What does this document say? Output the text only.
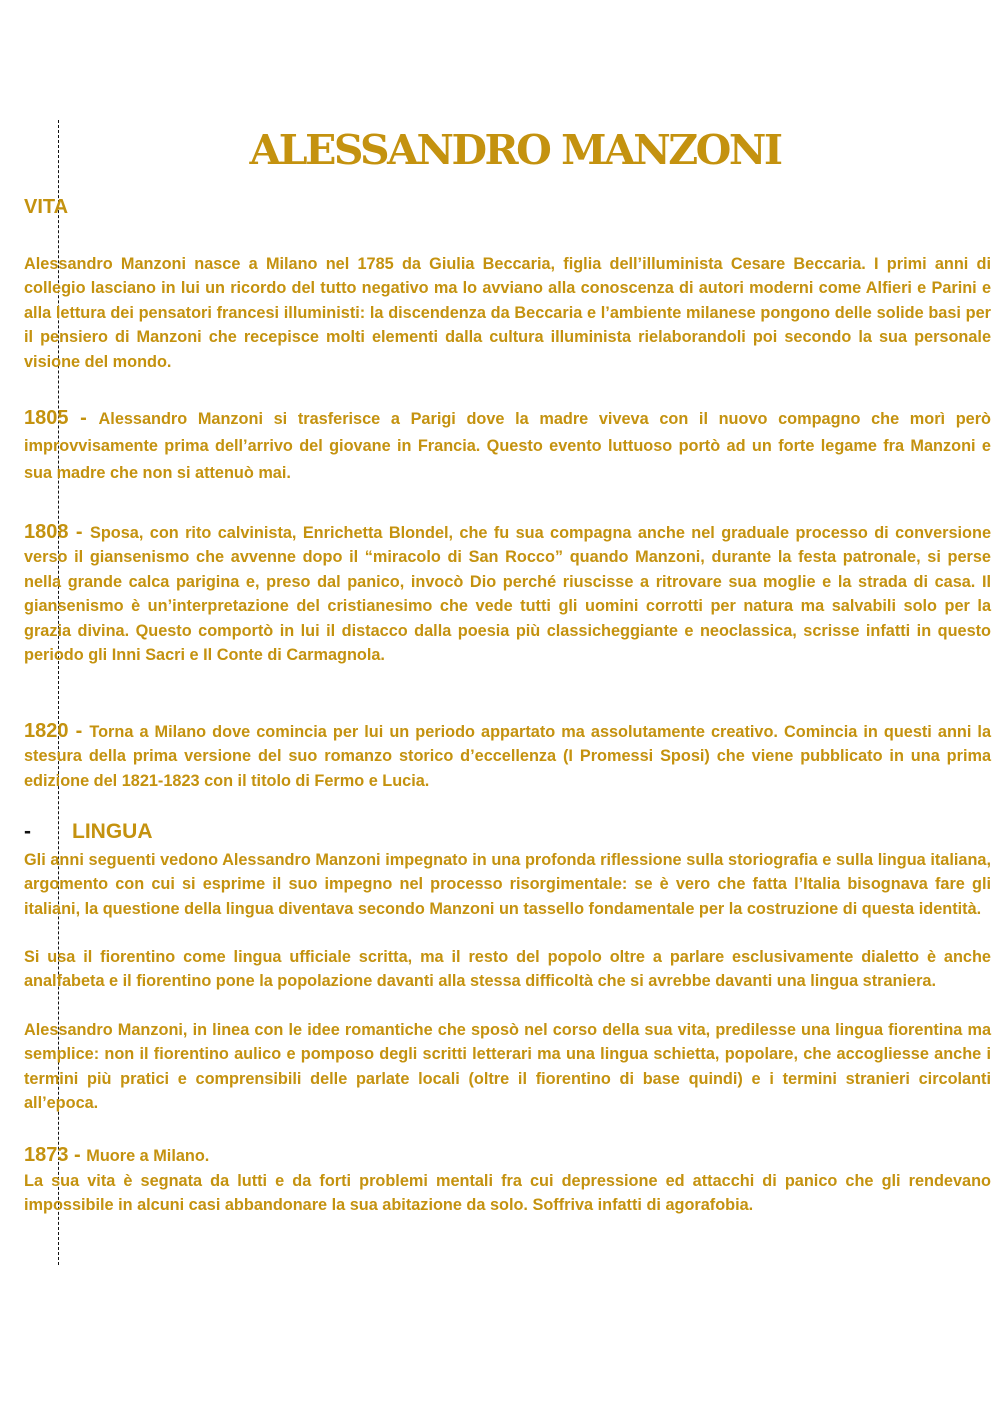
ALESSANDRO MANZONI
VITA

Alessandro Manzoni nasce a Milano nel 1785 da Giulia Beccaria, figlia dell’illuminista Cesare Beccaria. I primi anni di collegio lasciano in lui un ricordo del tutto negativo ma lo avviano alla conoscenza di autori moderni come Alfieri e Parini e alla lettura dei pensatori francesi illuministi: la discendenza da Beccaria e l’ambiente milanese pongono delle solide basi per il pensiero di Manzoni che recepisce molti elementi dalla cultura illuminista rielaborandoli poi secondo la sua personale visione del mondo.

1805 - Alessandro Manzoni si trasferisce a Parigi dove la madre viveva con il nuovo compagno che morì però improvvisamente prima dell’arrivo del giovane in Francia. Questo evento luttuoso portò ad un forte legame fra Manzoni e sua madre che non si attenuò mai.

1808 - Sposa, con rito calvinista, Enrichetta Blondel, che fu sua compagna anche nel graduale processo di conversione verso il giansenismo che avvenne dopo il “miracolo di San Rocco” quando Manzoni, durante la festa patronale, si perse nella grande calca parigina e, preso dal panico, invocò Dio perché riuscisse a ritrovare sua moglie e la strada di casa. Il giansenismo è un’interpretazione del cristianesimo che vede tutti gli uomini corrotti per natura ma salvabili solo per la grazia divina. Questo comportò in lui il distacco dalla poesia più classicheggiante e neoclassica, scrisse infatti in questo periodo gli Inni Sacri e Il Conte di Carmagnola.

1820 - Torna a Milano dove comincia per lui un periodo appartato ma assolutamente creativo. Comincia in questi anni la stesura della prima versione del suo romanzo storico d’eccellenza (I Promessi Sposi) che viene pubblicato in una prima edizione del 1821-1823 con il titolo di Fermo e Lucia.

- LINGUA

Gli anni seguenti vedono Alessandro Manzoni impegnato in una profonda riflessione sulla storiografia e sulla lingua italiana, argomento con cui si esprime il suo impegno nel processo risorgimentale: se è vero che fatta l’Italia bisognava fare gli italiani, la questione della lingua diventava secondo Manzoni un tassello fondamentale per la costruzione di questa identità.

Si usa il fiorentino come lingua ufficiale scritta, ma il resto del popolo oltre a parlare esclusivamente dialetto è anche analfabeta e il fiorentino pone la popolazione davanti alla stessa difficoltà che si avrebbe davanti una lingua straniera.

Alessandro Manzoni, in linea con le idee romantiche che sposò nel corso della sua vita, predilesse una lingua fiorentina ma semplice: non il fiorentino aulico e pomposo degli scritti letterari ma una lingua schietta, popolare, che accogliesse anche i termini più pratici e comprensibili delle parlate locali (oltre il fiorentino di base quindi) e i termini stranieri circolanti all’epoca.

1873 - Muore a Milano.

La sua vita è segnata da lutti e da forti problemi mentali fra cui depressione ed attacchi di panico che gli rendevano impossibile in alcuni casi abbandonare la sua abitazione da solo. Soffriva infatti di agorafobia.
